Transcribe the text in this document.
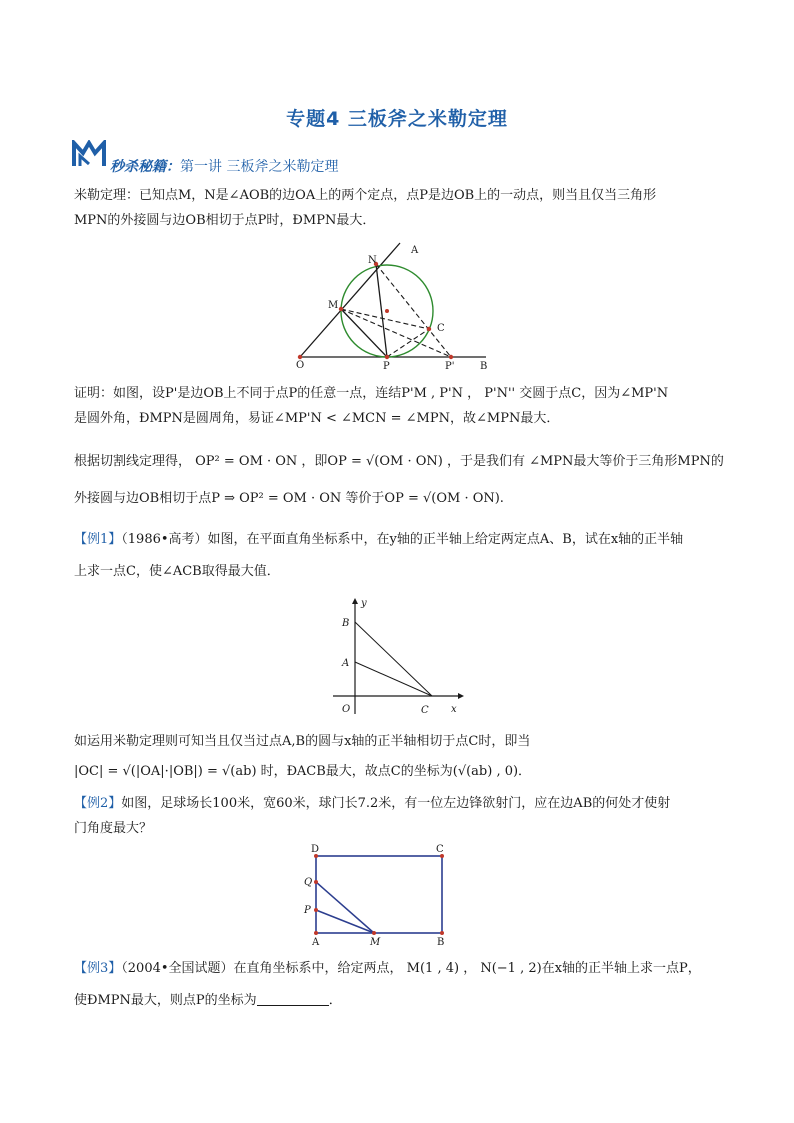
专题4 三板斧之米勒定理
秒杀秘籍：第一讲 三板斧之米勒定理
米勒定理：已知点M，N是∠AOB的边OA上的两个定点，点P是边OB上的一动点，则当且仅当三角形
MPN的外接圆与边OB相切于点P时，ÐMPN最大．
A
N
M
C
O	P	P'	B
证明：如图，设P'是边OB上不同于点P的任意一点，连结P'M , P'N ， P'N'' 交圆于点C，因为∠MP'N
是圆外角，ÐMPN是圆周角，易证∠MP'N < ∠MCN = ∠MPN，故∠MPN最大．
根据切割线定理得， OP² = OM · ON ，即OP = √(OM · ON) ，于是我们有 ∠MPN最大等价于三角形MPN的
外接圆与边OB相切于点P ⇒ OP² = OM · ON 等价于OP = √(OM · ON).
【例1】（1986•高考）如图，在平面直角坐标系中，在y轴的正半轴上给定两定点A、B，试在x轴的正半轴
上求一点C，使∠ACB取得最大值．
y
B
A
O	C x
如运用米勒定理则可知当且仅当过点A,B的圆与x轴的正半轴相切于点C时，即当
|OC| = √(|OA|·|OB|) = √(ab) 时，ÐACB最大，故点C的坐标为(√(ab) , 0)．
【例2】如图，足球场长100米，宽60米，球门长7.2米，有一位左边锋欲射门，应在边AB的何处才使射
门角度最大？
D	C
Q
P
A	M	B
【例3】（2004•全国试题）在直角坐标系中，给定两点， M(1 , 4) ， N(−1 , 2)在x轴的正半轴上求一点P，
使ÐMPN最大，则点P的坐标为	．
